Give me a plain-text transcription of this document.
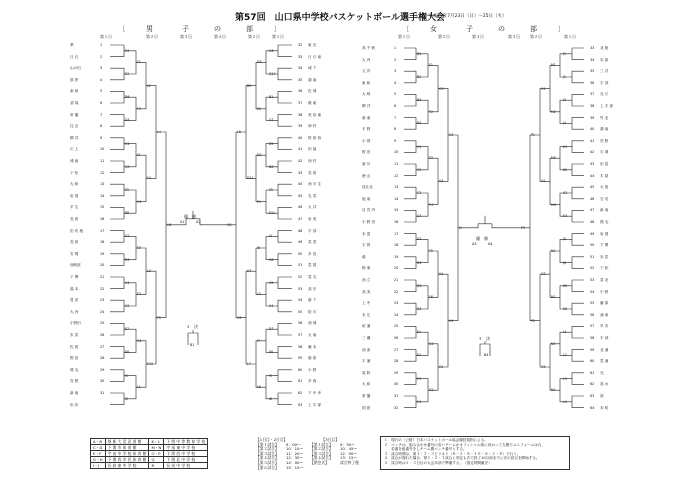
第57回　山口県中学校バスケットボール選手権大会
平成29年7月23日（日）～25日（火）
〔	男	子	の	部	〕	〔	女	子	の	部	〕
第１日	第２日	第３日	第４日	第２日	第１日	第１日	第２日	第３日	第３日	第２日	第１日
華	1
日 石	2
山の田	3
厚 狭	4
東 岐	5
須 周	6
常 盤	7
住 吉	8
柳 井	9
川 上	10
城 南	11
下 松	12
大 和	13
岩 国	14
平 生	15
長 府	16
田 布 施	17
長 府	18
安 岡	19
西岐波	20
下 関	21
湯 本	22
豊 田	23
大 内	24
小野田	25
末 武	26
佐 波	27
野 田	28
熊 毛	29
宮 野	30
新 南	31
田 布
E4
E3
D6
D4
G1
G3
E5
E6
G2
D1
H1
H2
E7
E8
I1
I2
F1
F2
I3
H3
E9
F3
G4
L1
L2
F4
L3
E10
L4
F5
H6
東 光
32
日 石 南
33
城 下
34
鴻 南
35
佐 城
36
萩 東
37
美 祢 東
38
神 村
39
防 府 西
40
田 福
41
西 村
42
長 府
43
西 平 生
44
名 菜
45
太 井
46
岩 美
47
宇 部
48
菜 香
49
多 田
50
豊 国
51
豊 丸
52
高 川
53
萩 下
54
防 川
55
西 城
56
大 南
57
藤 本
58
萩 原
59
小 野
60
多 西
61
下 中 幸
62
上 宇 部
63
G6
D10
B1
G7
D5
D8
E5
E11
I4
G8
H5
H4
D7
E6
I5
I6
D3
E2
D2
E1
I8
L5
I7
L6
B9
D11
H7
L7
L8
G5
H8
高 千 帆	1
大 内	2
文 洋	3
東 和	4
大 岐	5
柳 井	6
萩 東	7
平 野	8
小 郡	9
桜 田	10
菊 川	11
徳 山	12
浅江北	13
旭 南	14
自 宮 内	15
小 野 田	16
末 富	17
宇 賀	18
萩	19
阿 東	20
西 立	21
高 美	22
上 中	23
末 広	24
垣 浦	25
三 瀬	26
西 条	27
宇 浦	28
周 防	29
大 和	30
常 盤	31
国 府	32
B1
B2
B3
B4
C1
C2
C3
C4
D1
D2
D3
D4
E1
E2
E3
E4
F1
F2
F3
F4
F5
F6
G1
G2
G3
G4
H1
H2
H3
H4
I1
北 陵
33
末 原
34
三 井
35
宇 部
36
光 丘
37
上 宇 部
38
竹 北
39
鴻 南
40
荒 野
41
宇 城
42
田 富
43
木 屋
44
大 島
45
石 見
46
新 南
47
熊 毛
48
岩 国
49
下 関
50
末 武
51
下 松
52
豊 北
53
小 野
54
藤 原
55
浦 東
56
早 末
57
宇 部
58
北 浦
59
豊 浦
60
光
61
高 水
62
荻
63
末 町
64
J1
J2
J3
J4
K1
K2
K3
K4
J5
J6
K5
K6
L1
L2
L3
L4
M1
M2
M3
M4
N1
N2
N3
N4
O1
O2
O3
O4
P1
P2
P3
優　勝
A1	A2
３　決
B1
優　勝
A3	A4
３　決
B4
A・B	維 新 大 晃 武 道 館	K・L	下 関 中 等 教 育 学 校
C・D	下 関 市 体 育 館	M・N	宇 部 東 中 学 校
E・F	宇 宙 中 学 校 体 育 館	O・P	下 関 西 中 学 校
G・H	下 関 西 市 民 体 育 館	Q	下 関 北 中 学 校
I・J	長 府 東 中 学 校	R	長 成 中 学 校
【1日目・2日目】	【3日目】
【第１試合】	9：00〜	【第１試合】	9：30〜
【第２試合】	10：10〜	【第２試合】	10：45〜
【第３試合】	11：20〜	【第３試合】	12：00〜
【第４試合】	12：30〜	【第４試合】	13：15〜
【第５試合】	14：00〜	【閉会式】	試合終了後
【第６試合】	15：15〜
１　現行の（公財）日本バスケットボール協会競技規則による。
２　ベンチは、組み合わせ番号の若いチームがオフィシャル席に向かって左側でユニフォームは白、
　　若番を組番号をしチーム側ベンチ番号とする。
３　試合時間は、第１・２・３ピリオド（８－２－８－１０－８－２－８）で行う。
４　試合が遅れた場合、第１・２・３試合と判定も次で終了10分前までに次の試合を開始する。
５　試合時は２・３日目の大会本部で準備する。（指定時間厳守）
